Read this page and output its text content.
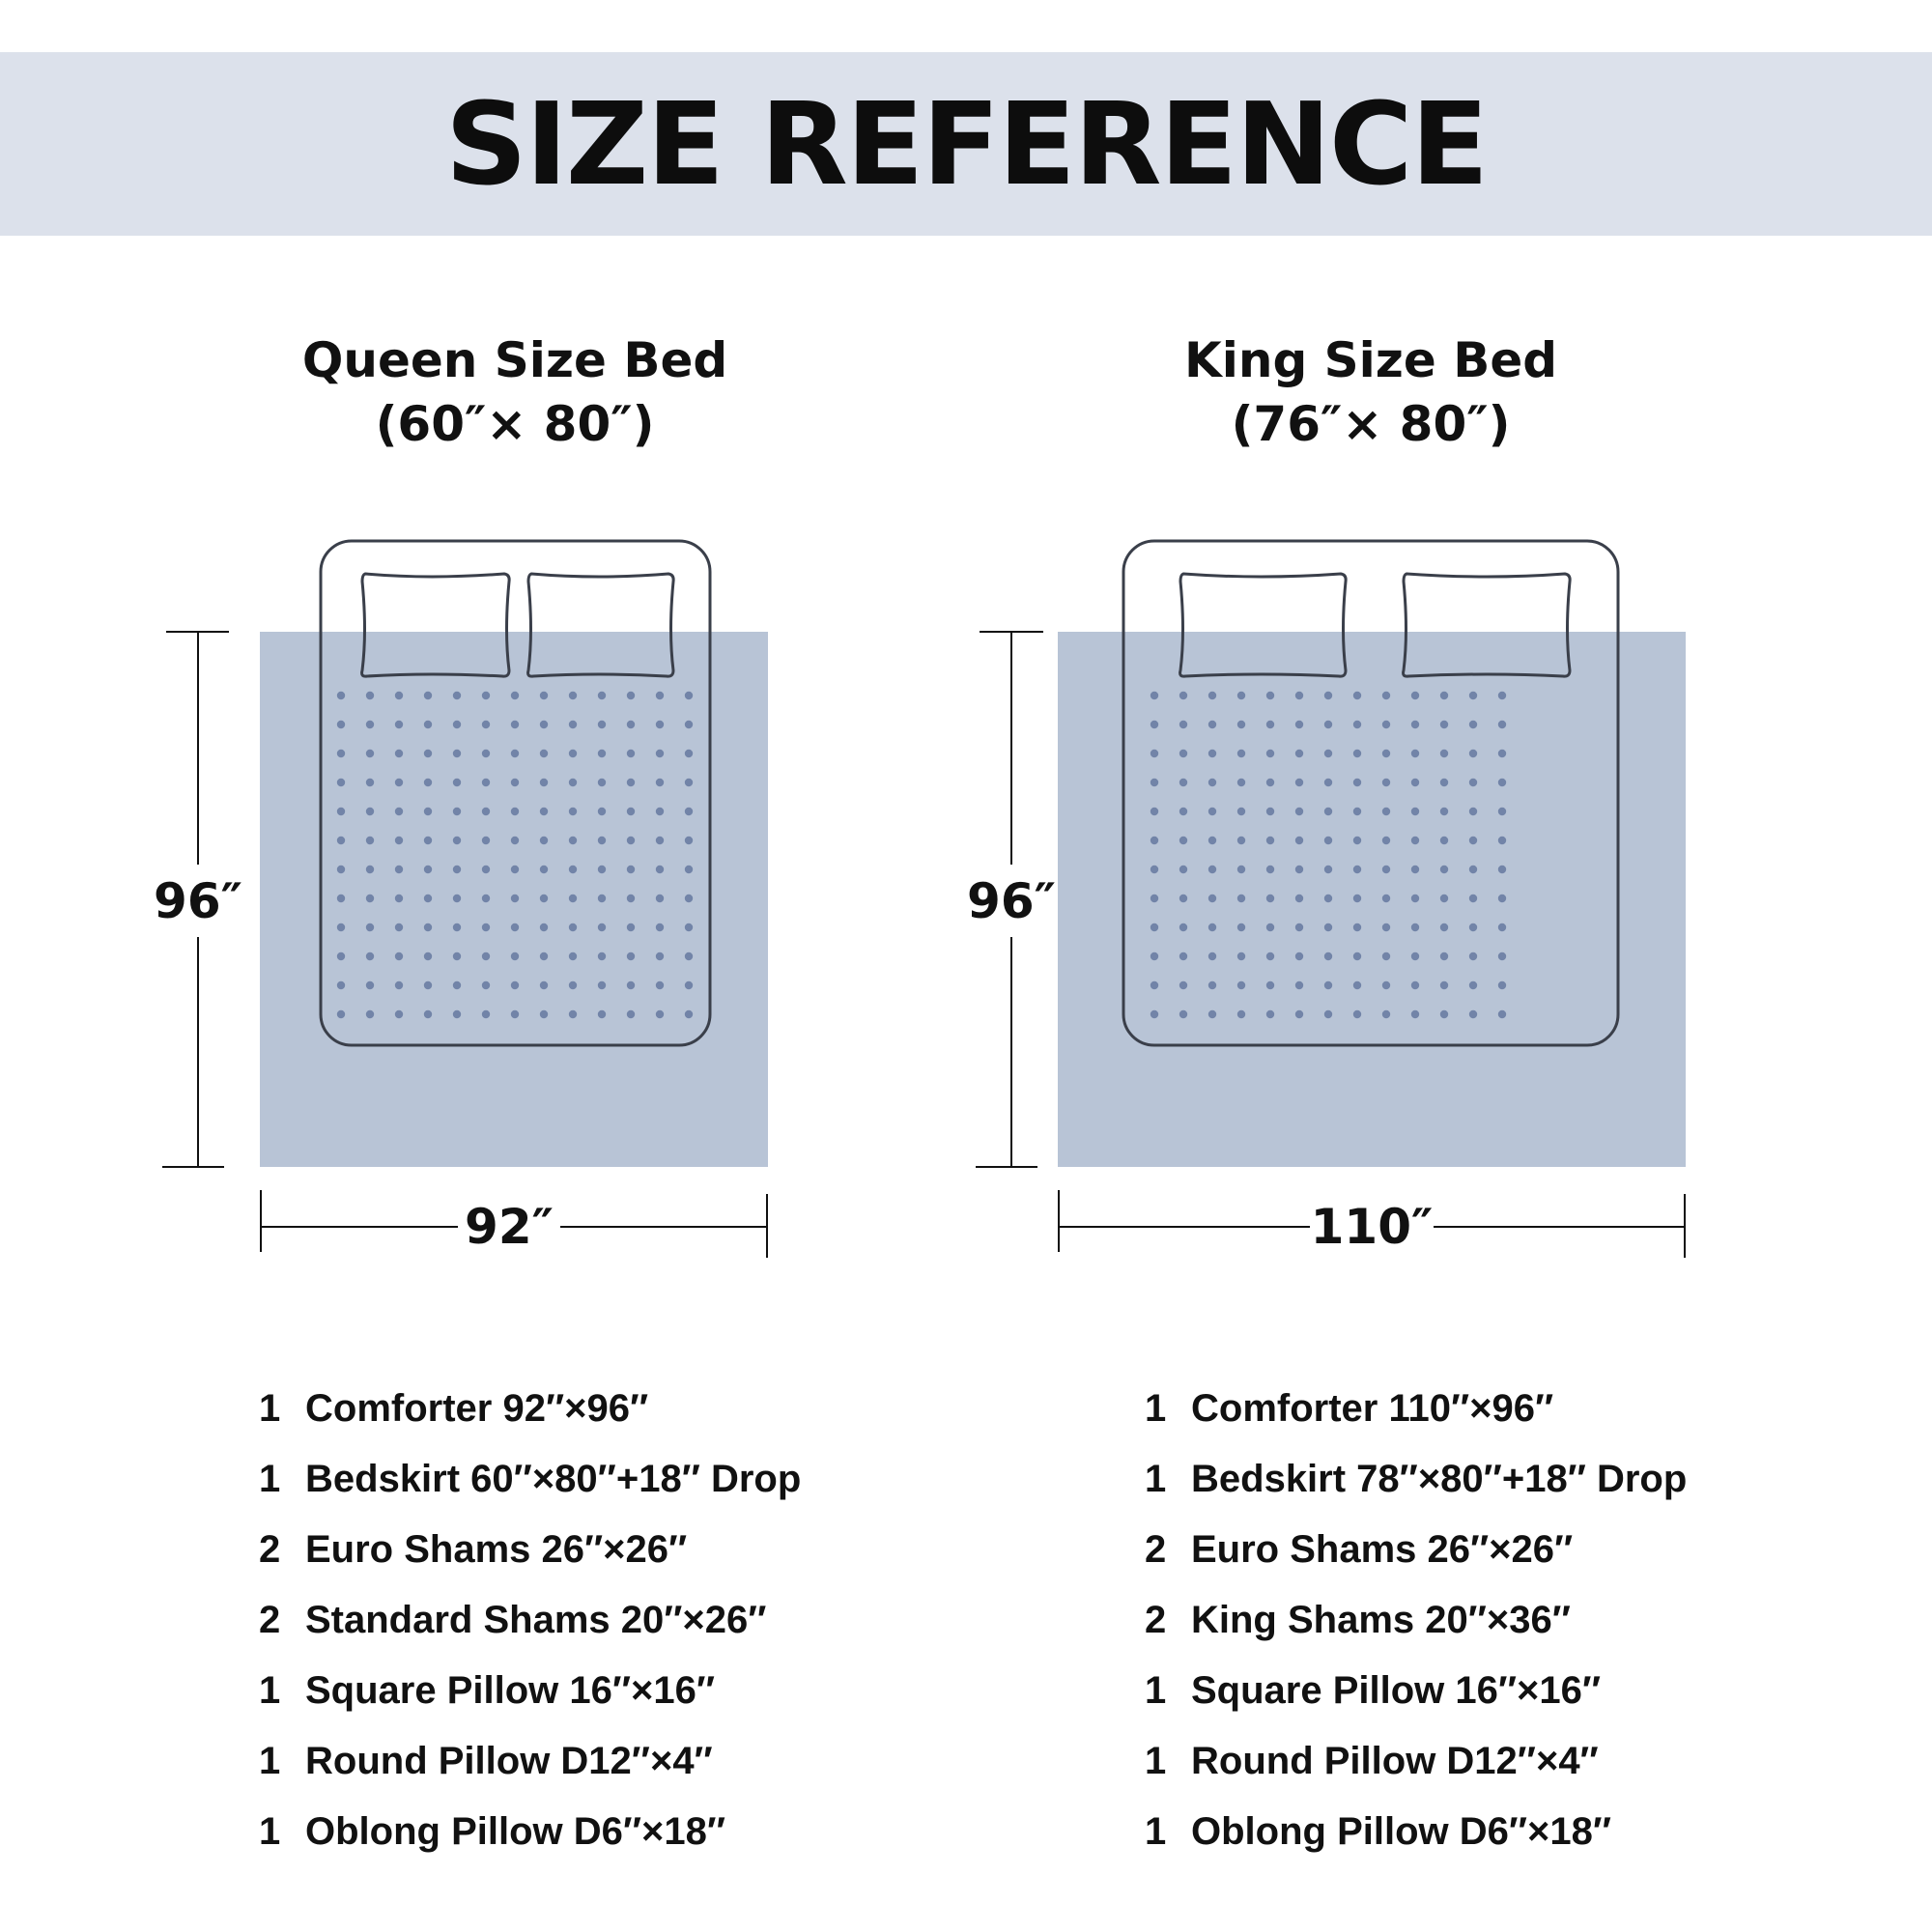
SIZE REFERENCE
Queen Size Bed
(60″× 80″)
King Size Bed
(76″× 80″)
96″
92″
96″
110″
1 Comforter 92″×96″
1 Bedskirt 60″×80″+18″ Drop
2 Euro Shams 26″×26″
2 Standard Shams 20″×26″
1 Square Pillow 16″×16″
1 Round Pillow D12″×4″
1 Oblong Pillow D6″×18″
1 Comforter 110″×96″
1 Bedskirt 78″×80″+18″ Drop
2 Euro Shams 26″×26″
2 King Shams 20″×36″
1 Square Pillow 16″×16″
1 Round Pillow D12″×4″
1 Oblong Pillow D6″×18″
